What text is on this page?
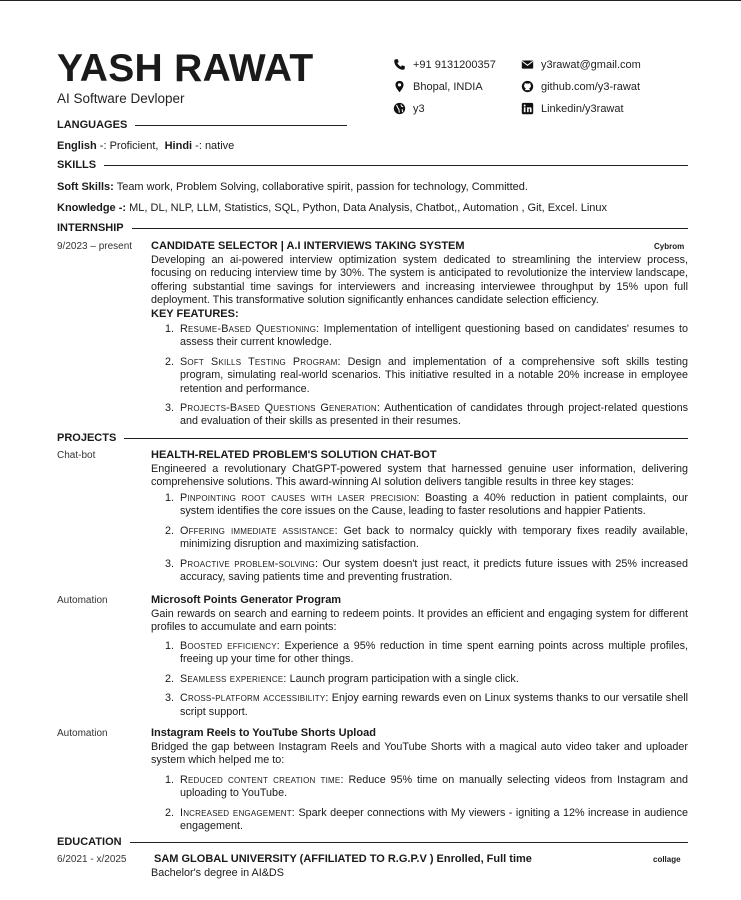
YASH RAWAT
AI Software Devloper
+91 9131200357	y3rawat@gmail.com
Bhopal, INDIA	github.com/y3-rawat
y3	Linkedin/y3rawat
LANGUAGES
English -: Proficient, Hindi -: native
SKILLS
Soft Skills: Team work, Problem Solving, collaborative spirit, passion for technology, Committed.
Knowledge -: ML, DL, NLP, LLM, Statistics, SQL, Python, Data Analysis, Chatbot,, Automation , Git, Excel. Linux
INTERNSHIP
9/2023 – present CANDIDATE SELECTOR | A.I INTERVIEWS TAKING SYSTEM	Cybrom
Developing an ai-powered interview optimization system dedicated to streamlining the interview process, focusing on reducing interview time by 30%. The system is anticipated to revolutionize the interview landscape, offering substantial time savings for interviewers and increasing interviewee throughput by 15% upon full deployment. This transformative solution significantly enhances candidate selection efficiency.
KEY FEATURES:
1. Resume-Based Questioning: Implementation of intelligent questioning based on candidates' resumes to assess their current knowledge.
2. Soft Skills Testing Program: Design and implementation of a comprehensive soft skills testing program, simulating real-world scenarios. This initiative resulted in a notable 20% increase in employee retention and performance.
3. Projects-Based Questions Generation: Authentication of candidates through project-related questions and evaluation of their skills as presented in their resumes.
PROJECTS
Chat-bot	HEALTH-RELATED PROBLEM'S SOLUTION CHAT-BOT
Engineered a revolutionary ChatGPT-powered system that harnessed genuine user information, delivering comprehensive solutions. This award-winning AI solution delivers tangible results in three key stages:
1. Pinpointing root causes with laser precision: Boasting a 40% reduction in patient complaints, our system identifies the core issues on the Cause, leading to faster resolutions and happier Patients.
2. Offering immediate assistance: Get back to normalcy quickly with temporary fixes readily available, minimizing disruption and maximizing satisfaction.
3. Proactive problem-solving: Our system doesn't just react, it predicts future issues with 25% increased accuracy, saving patients time and preventing frustration.
Automation	Microsoft Points Generator Program
Gain rewards on search and earning to redeem points. It provides an efficient and engaging system for different profiles to accumulate and earn points:
1. Boosted efficiency: Experience a 95% reduction in time spent earning points across multiple profiles, freeing up your time for other things.
2. Seamless experience: Launch program participation with a single click.
3. Cross-platform accessibility: Enjoy earning rewards even on Linux systems thanks to our versatile shell script support.
Automation	Instagram Reels to YouTube Shorts Upload
Bridged the gap between Instagram Reels and YouTube Shorts with a magical auto video taker and uploader system which helped me to:
1. Reduced content creation time: Reduce 95% time on manually selecting videos from Instagram and uploading to YouTube.
2. Increased engagement: Spark deeper connections with My viewers - igniting a 12% increase in audience engagement.
EDUCATION
6/2021 - x/2025	SAM GLOBAL UNIVERSITY (AFFILIATED TO R.G.P.V ) Enrolled, Full time	collage
Bachelor's degree in AI&DS
